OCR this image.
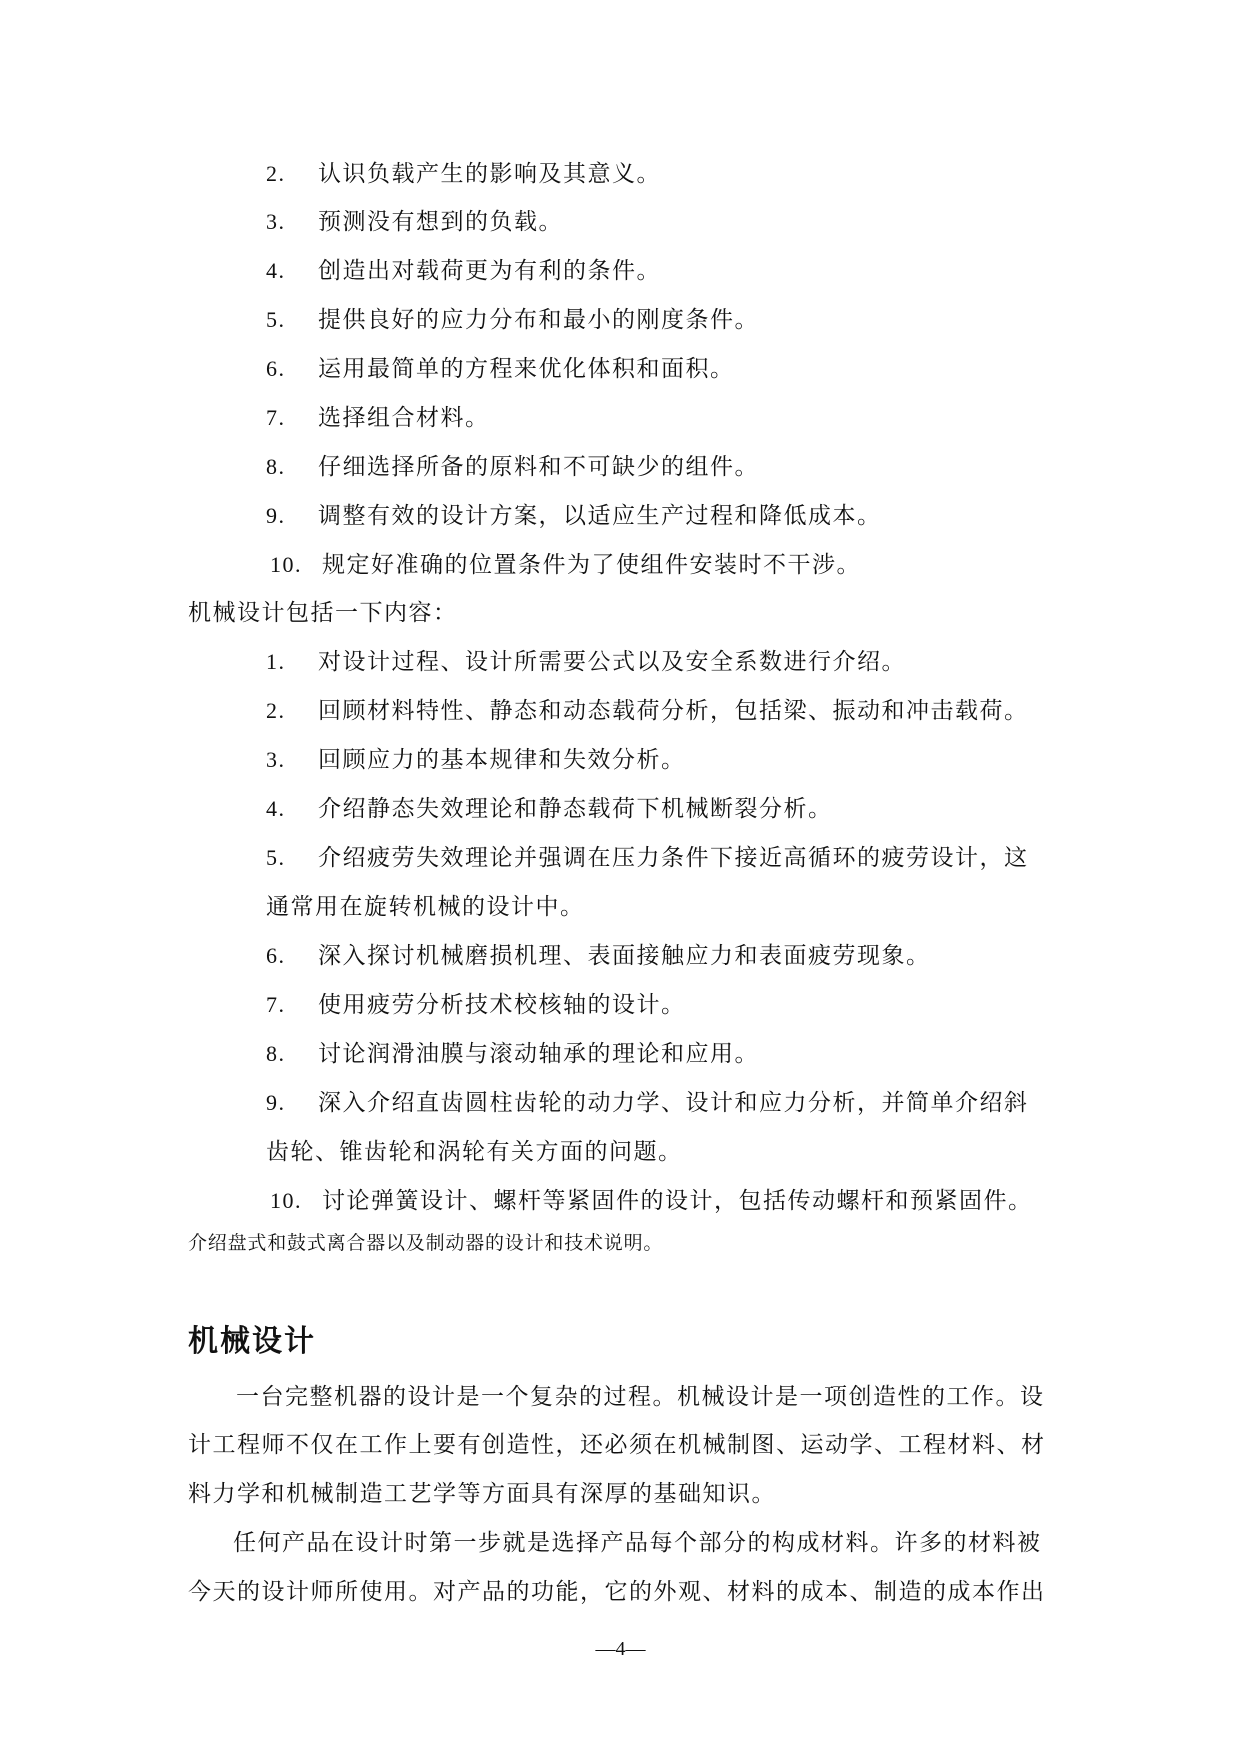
2. 认识负载产生的影响及其意义。
3. 预测没有想到的负载。
4. 创造出对载荷更为有利的条件。
5. 提供良好的应力分布和最小的刚度条件。
6. 运用最简单的方程来优化体积和面积。
7. 选择组合材料。
8. 仔细选择所备的原料和不可缺少的组件。
9. 调整有效的设计方案，以适应生产过程和降低成本。
10. 规定好准确的位置条件为了使组件安装时不干涉。
机械设计包括一下内容：
1. 对设计过程、设计所需要公式以及安全系数进行介绍。
2. 回顾材料特性、静态和动态载荷分析，包括梁、振动和冲击载荷。
3. 回顾应力的基本规律和失效分析。
4. 介绍静态失效理论和静态载荷下机械断裂分析。
5. 介绍疲劳失效理论并强调在压力条件下接近高循环的疲劳设计，这
通常用在旋转机械的设计中。
6. 深入探讨机械磨损机理、表面接触应力和表面疲劳现象。
7. 使用疲劳分析技术校核轴的设计。
8. 讨论润滑油膜与滚动轴承的理论和应用。
9. 深入介绍直齿圆柱齿轮的动力学、设计和应力分析，并简单介绍斜
齿轮、锥齿轮和涡轮有关方面的问题。
10. 讨论弹簧设计、螺杆等紧固件的设计，包括传动螺杆和预紧固件。
介绍盘式和鼓式离合器以及制动器的设计和技术说明。
机械设计
一台完整机器的设计是一个复杂的过程。机械设计是一项创造性的工作。设
计工程师不仅在工作上要有创造性，还必须在机械制图、运动学、工程材料、材
料力学和机械制造工艺学等方面具有深厚的基础知识。
任何产品在设计时第一步就是选择产品每个部分的构成材料。许多的材料被
今天的设计师所使用。对产品的功能，它的外观、材料的成本、制造的成本作出
—4—
